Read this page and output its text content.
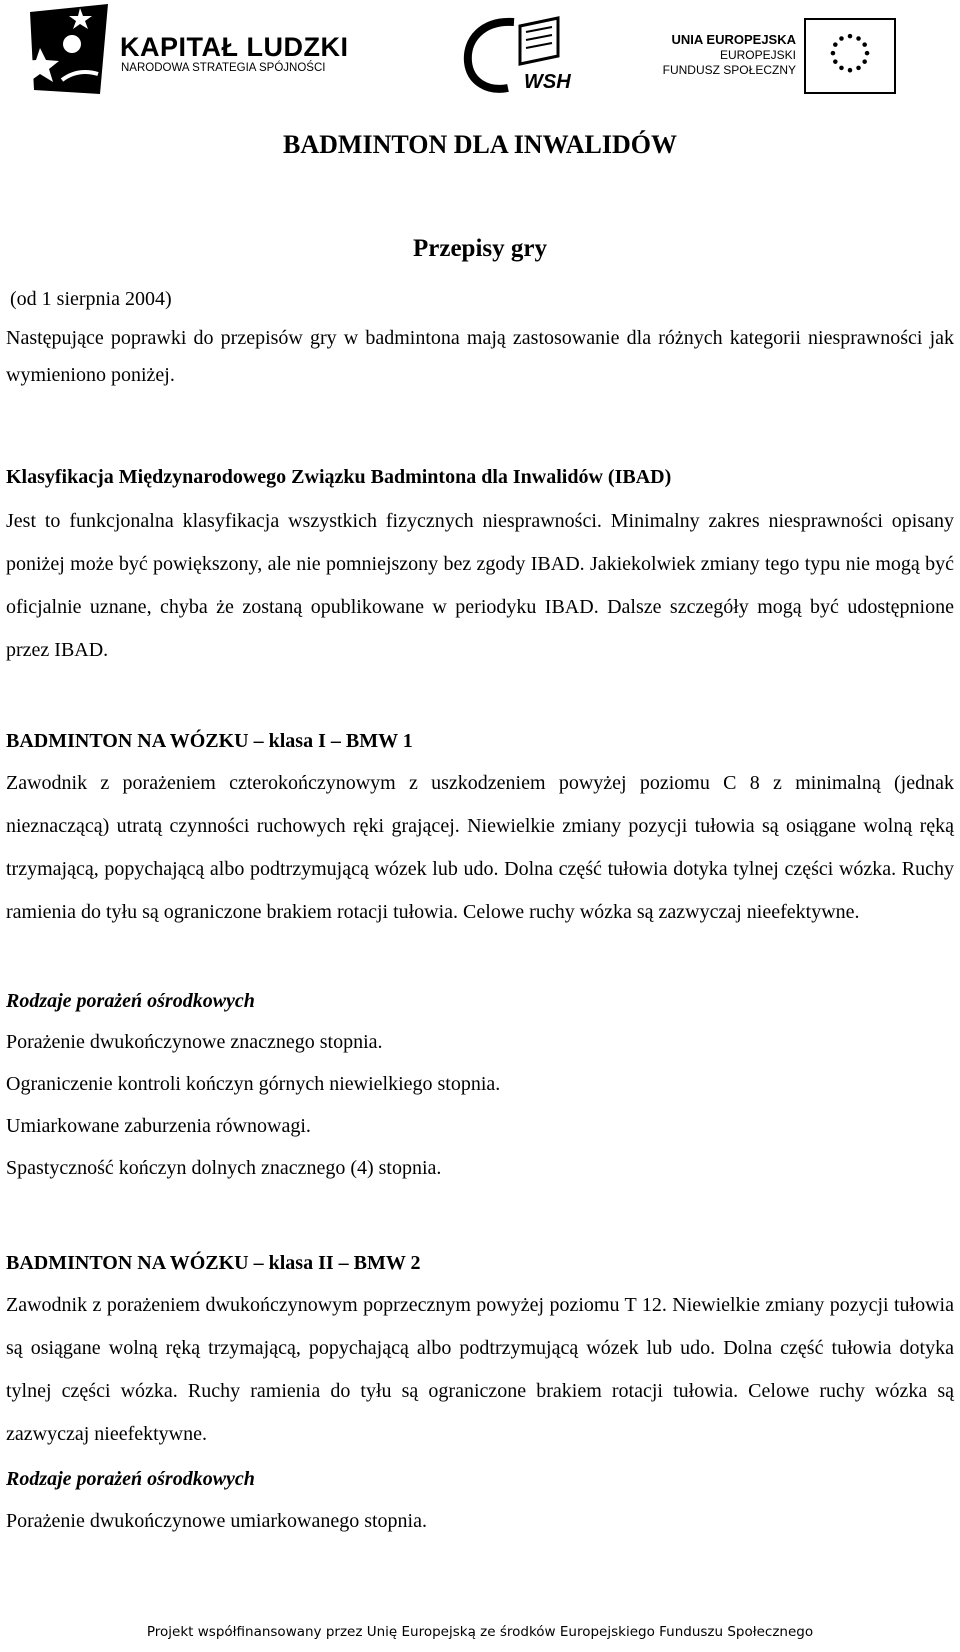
KAPITAŁ LUDZKI
NARODOWA STRATEGIA SPÓJNOŚCI
WSH
1991
UNIA EUROPEJSKA
EUROPEJSKI
FUNDUSZ SPOŁECZNY
BADMINTON DLA INWALIDÓW
Przepisy gry

(od 1 sierpnia 2004)

Następujące poprawki do przepisów gry w badmintona mają zastosowanie dla różnych kategorii niesprawności jak wymieniono poniżej.

Klasyfikacja Międzynarodowego Związku Badmintona dla Inwalidów (IBAD)

Jest to funkcjonalna klasyfikacja wszystkich fizycznych niesprawności. Minimalny zakres niesprawności opisany poniżej może być powiększony, ale nie pomniejszony bez zgody IBAD. Jakiekolwiek zmiany tego typu nie mogą być oficjalnie uznane, chyba że zostaną opublikowane w periodyku IBAD. Dalsze szczegóły mogą być udostępnione przez IBAD.

BADMINTON NA WÓZKU – klasa I – BMW 1

Zawodnik z porażeniem czterokończynowym z uszkodzeniem powyżej poziomu C 8 z minimalną (jednak nieznaczącą) utratą czynności ruchowych ręki grającej. Niewielkie zmiany pozycji tułowia są osiągane wolną ręką trzymającą, popychającą albo podtrzymującą wózek lub udo. Dolna część tułowia dotyka tylnej części wózka. Ruchy ramienia do tyłu są ograniczone brakiem rotacji tułowia. Celowe ruchy wózka są zazwyczaj nieefektywne.

Rodzaje porażeń ośrodkowych

Porażenie dwukończynowe znacznego stopnia.

Ograniczenie kontroli kończyn górnych niewielkiego stopnia.

Umiarkowane zaburzenia równowagi.

Spastyczność kończyn dolnych znacznego (4) stopnia.

BADMINTON NA WÓZKU – klasa II – BMW 2

Zawodnik z porażeniem dwukończynowym poprzecznym powyżej poziomu T 12. Niewielkie zmiany pozycji tułowia są osiągane wolną ręką trzymającą, popychającą albo podtrzymującą wózek lub udo. Dolna część tułowia dotyka tylnej części wózka. Ruchy ramienia do tyłu są ograniczone brakiem rotacji tułowia. Celowe ruchy wózka są zazwyczaj nieefektywne.

Rodzaje porażeń ośrodkowych

Porażenie dwukończynowe umiarkowanego stopnia.

Projekt współfinansowany przez Unię Europejską ze środków Europejskiego Funduszu Społecznego
